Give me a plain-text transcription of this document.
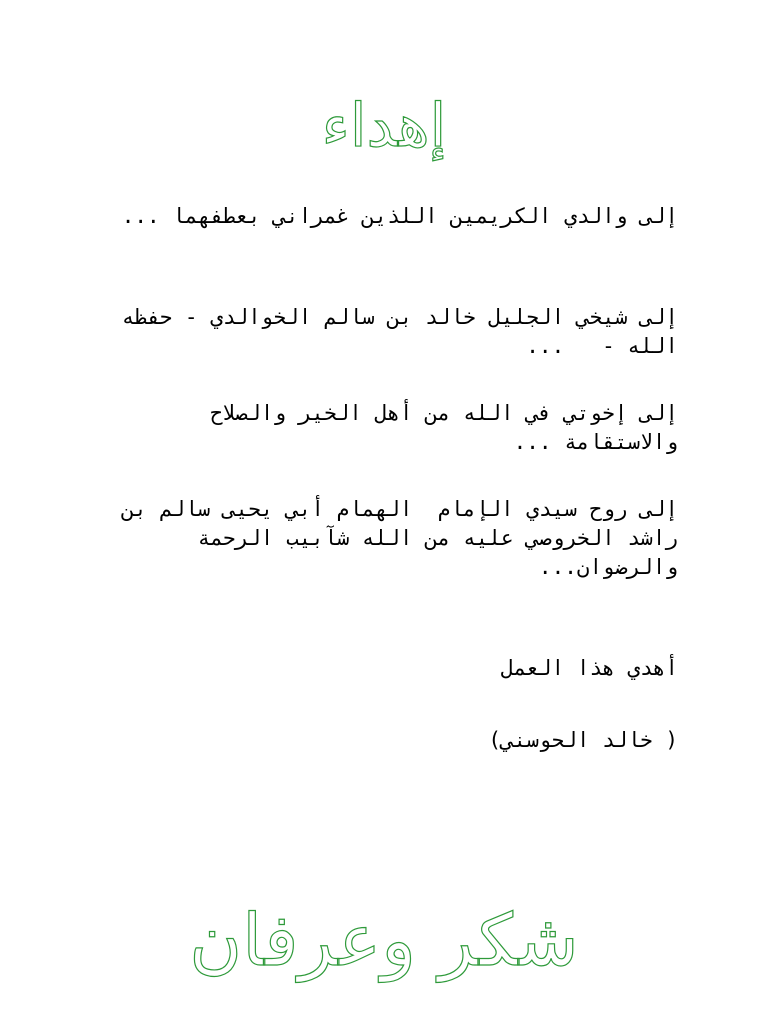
إهداء

إلى والدي الكريمين اللذين غمراني بعطفهما ...

إلى شيخي الجليل خالد بن سالم الخوالدي - حفظه الله -   ...

إلى إخوتي في الله من أهل الخير والصلاح والاستقامة ...

إلى روح سيدي الإمام  الهمام أبي يحيى سالم بن راشد الخروصي عليه من الله شآبيب الرحمة والرضوان...

أهدي هذا العمل

( خالد الحوسني)

شكر وعرفان
